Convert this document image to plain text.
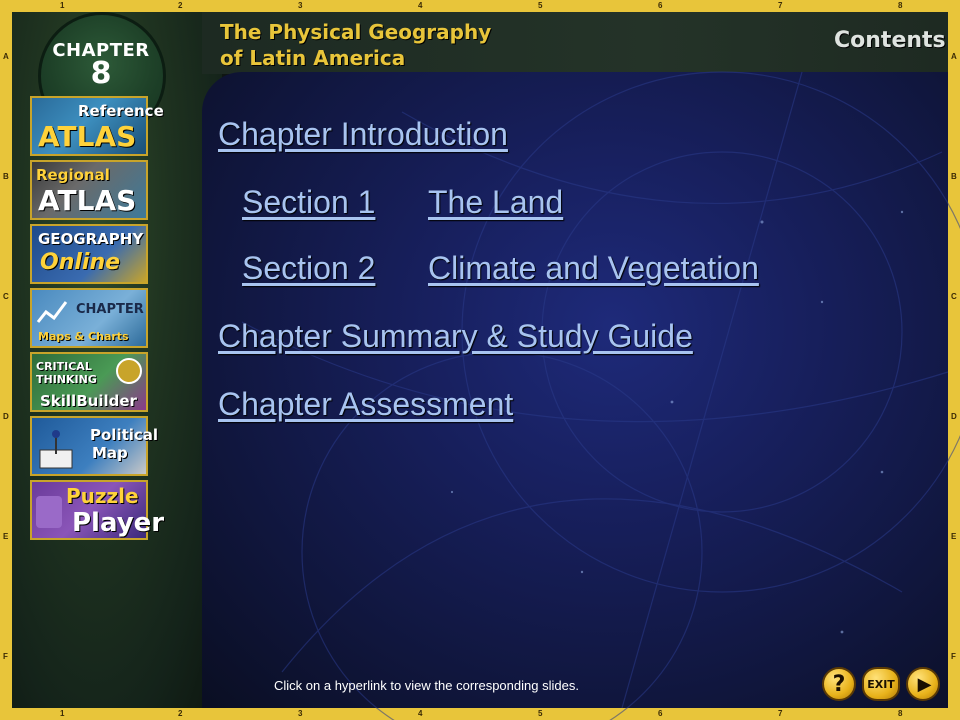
1	2	3	4	5	6	7	8
1	2	3	4	5	6	7	8
A
B
C
D
E
F
A
B
C
D
E
F
CHAPTER
8
The Physical Geography
of Latin America
Contents
Reference
ATLAS
Regional
ATLAS
GEOGRAPHY
Online
CHAPTER
Maps & Charts
CRITICAL THINKING
SkillBuilder
Political
Map
Puzzle
Player
Chapter Introduction
Section 1 The Land
Section 2 Climate and Vegetation
Chapter Summary & Study Guide
Chapter Assessment
Click on a hyperlink to view the corresponding slides.	? EXIT ▶
